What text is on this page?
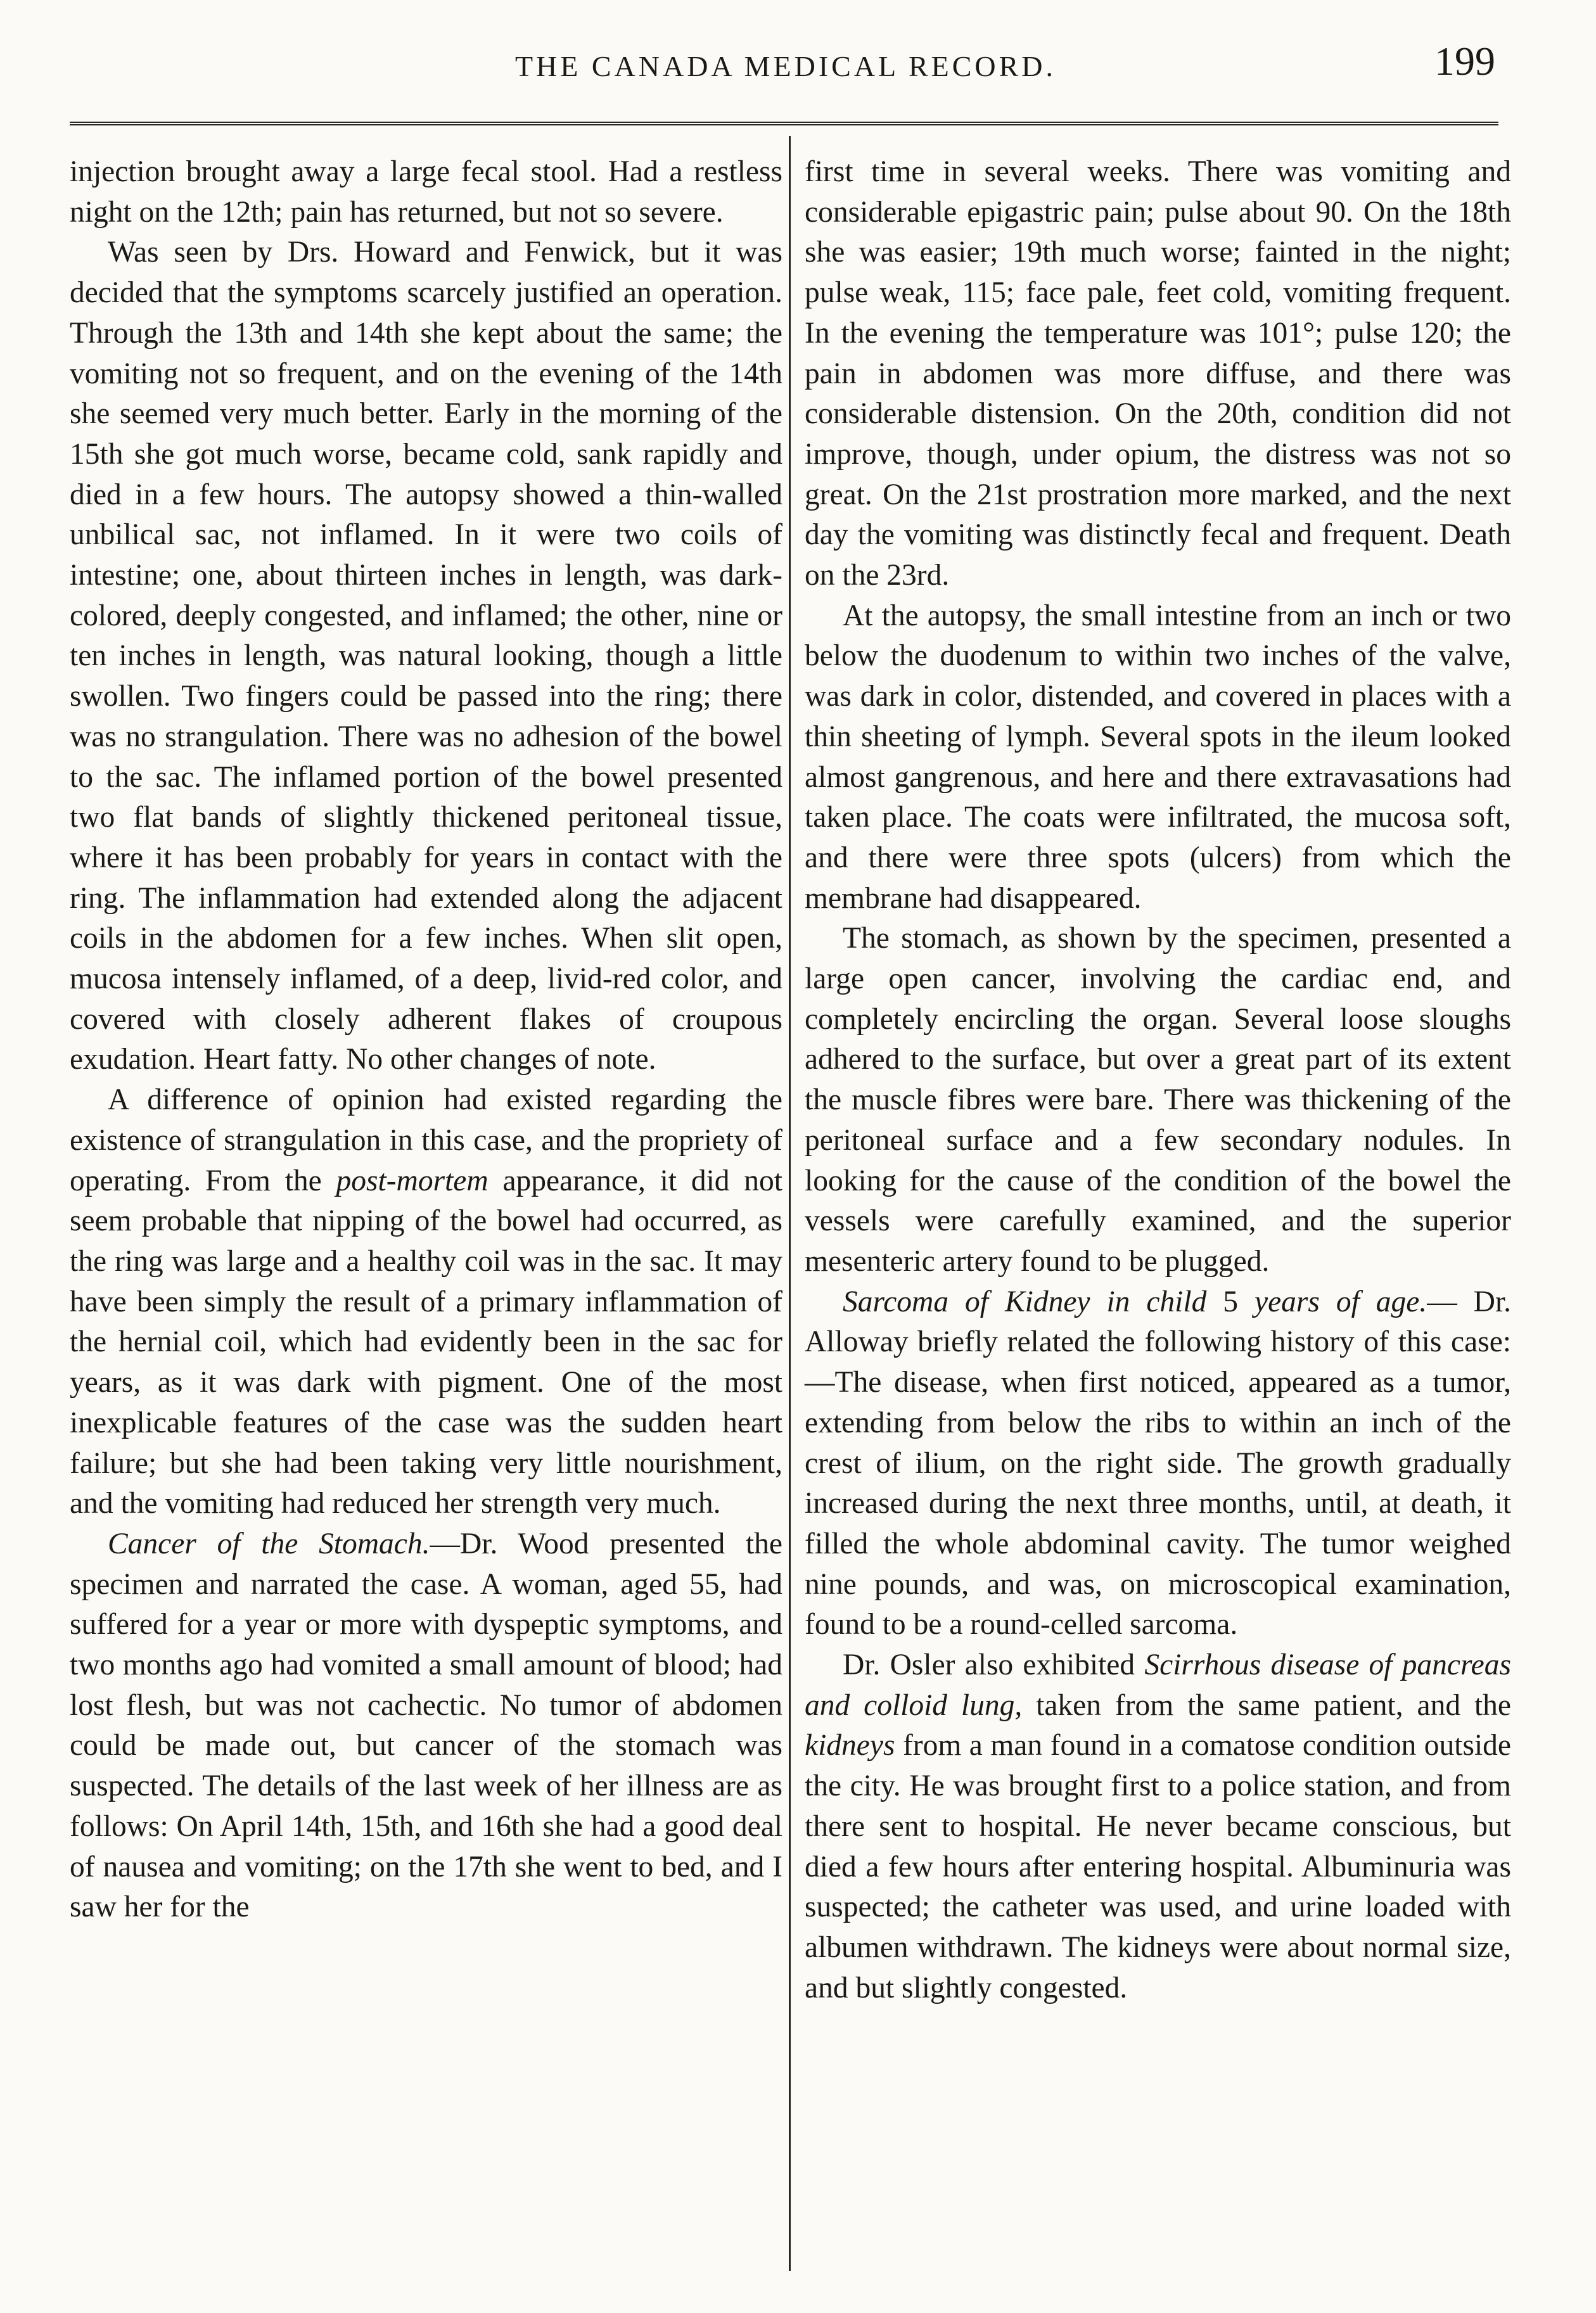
THE CANADA MEDICAL RECORD.	199

injection brought away a large fecal stool. Had a restless night on the 12th; pain has returned, but not so severe.

Was seen by Drs. Howard and Fenwick, but it was decided that the symptoms scarcely justified an operation. Through the 13th and 14th she kept about the same; the vomiting not so frequent, and on the evening of the 14th she seemed very much better. Early in the morning of the 15th she got much worse, became cold, sank rapidly and died in a few hours. The autopsy showed a thin-walled unbilical sac, not inflamed. In it were two coils of intestine; one, about thirteen inches in length, was dark-colored, deeply congested, and inflamed; the other, nine or ten inches in length, was natural looking, though a little swollen. Two fingers could be passed into the ring; there was no strangulation. There was no adhesion of the bowel to the sac. The inflamed portion of the bowel presented two flat bands of slightly thickened peritoneal tissue, where it has been probably for years in contact with the ring. The inflammation had extended along the adjacent coils in the abdomen for a few inches. When slit open, mucosa intensely inflamed, of a deep, livid-red color, and covered with closely adherent flakes of croupous exudation. Heart fatty. No other changes of note.

A difference of opinion had existed regarding the existence of strangulation in this case, and the propriety of operating. From the post-mortem appearance, it did not seem probable that nipping of the bowel had occurred, as the ring was large and a healthy coil was in the sac. It may have been simply the result of a primary inflammation of the hernial coil, which had evidently been in the sac for years, as it was dark with pigment. One of the most inexplicable features of the case was the sudden heart failure; but she had been taking very little nourishment, and the vomiting had reduced her strength very much.

Cancer of the Stomach.—Dr. Wood presented the specimen and narrated the case. A woman, aged 55, had suffered for a year or more with dyspeptic symptoms, and two months ago had vomited a small amount of blood; had lost flesh, but was not cachectic. No tumor of abdomen could be made out, but cancer of the stomach was suspected. The details of the last week of her illness are as follows: On April 14th, 15th, and 16th she had a good deal of nausea and vomiting; on the 17th she went to bed, and I saw her for the

first time in several weeks. There was vomiting and considerable epigastric pain; pulse about 90. On the 18th she was easier; 19th much worse; fainted in the night; pulse weak, 115; face pale, feet cold, vomiting frequent. In the evening the temperature was 101°; pulse 120; the pain in abdomen was more diffuse, and there was considerable distension. On the 20th, condition did not improve, though, under opium, the distress was not so great. On the 21st prostration more marked, and the next day the vomiting was distinctly fecal and frequent. Death on the 23rd.

At the autopsy, the small intestine from an inch or two below the duodenum to within two inches of the valve, was dark in color, distended, and covered in places with a thin sheeting of lymph. Several spots in the ileum looked almost gangrenous, and here and there extravasations had taken place. The coats were infiltrated, the mucosa soft, and there were three spots (ulcers) from which the membrane had disappeared.

The stomach, as shown by the specimen, presented a large open cancer, involving the cardiac end, and completely encircling the organ. Several loose sloughs adhered to the surface, but over a great part of its extent the muscle fibres were bare. There was thickening of the peritoneal surface and a few secondary nodules. In looking for the cause of the condition of the bowel the vessels were carefully examined, and the superior mesenteric artery found to be plugged.

Sarcoma of Kidney in child 5 years of age.— Dr. Alloway briefly related the following history of this case:—The disease, when first noticed, appeared as a tumor, extending from below the ribs to within an inch of the crest of ilium, on the right side. The growth gradually increased during the next three months, until, at death, it filled the whole abdominal cavity. The tumor weighed nine pounds, and was, on microscopical examination, found to be a round-celled sarcoma.

Dr. Osler also exhibited Scirrhous disease of pancreas and colloid lung, taken from the same patient, and the kidneys from a man found in a comatose condition outside the city. He was brought first to a police station, and from there sent to hospital. He never became conscious, but died a few hours after entering hospital. Albuminuria was suspected; the catheter was used, and urine loaded with albumen withdrawn. The kidneys were about normal size, and but slightly congested.
